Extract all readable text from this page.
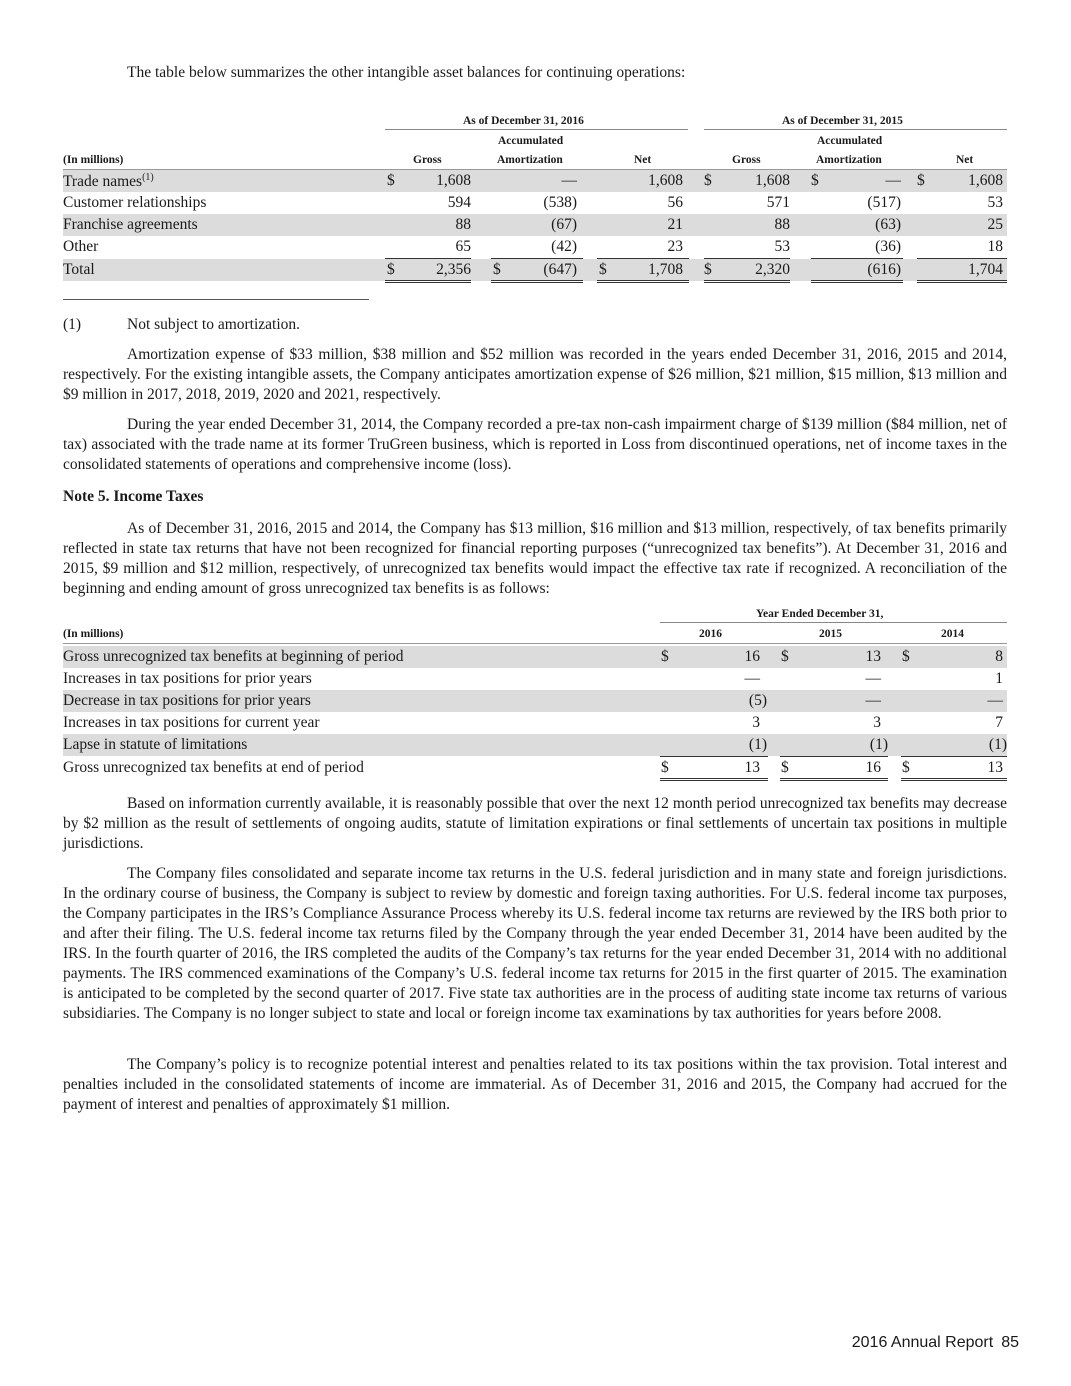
The table below summarizes the other intangible asset balances for continuing operations:
As of December 31, 2016	As of December 31, 2015
Accumulated	Accumulated
(In millions)	Gross	Amortization	Net	Gross	Amortization	Net
Trade names$^{(1)}$	$	1,608	—	1,608 $	1,608 $	— $	1,608
Customer relationships	594	(538)	56	571	(517)	53
Franchise agreements	88	(67)	21	88	(63)	25
Other	65	(42)	23	53	(36)	18
Total	$	2,356 $	(647) $	1,708 $	2,320	(616)	1,704
(1)	Not subject to amortization.
Amortization expense of $33 million, $38 million and $52 million was recorded in the years ended December 31, 2016, 2015 and 2014, respectively. For the existing intangible assets, the Company anticipates amortization expense of $26 million, $21 million, $15 million, $13 million and $9 million in 2017, 2018, 2019, 2020 and 2021, respectively.
During the year ended December 31, 2014, the Company recorded a pre-tax non-cash impairment charge of $139 million ($84 million, net of tax) associated with the trade name at its former TruGreen business, which is reported in Loss from discontinued operations, net of income taxes in the consolidated statements of operations and comprehensive income (loss).
Note 5. Income Taxes
As of December 31, 2016, 2015 and 2014, the Company has $13 million, $16 million and $13 million, respectively, of tax benefits primarily reflected in state tax returns that have not been recognized for financial reporting purposes (“unrecognized tax benefits”). At December 31, 2016 and 2015, $9 million and $12 million, respectively, of unrecognized tax benefits would impact the effective tax rate if recognized. A reconciliation of the beginning and ending amount of gross unrecognized tax benefits is as follows:
Year Ended December 31,
(In millions)	2016	2015	2014
Gross unrecognized tax benefits at beginning of period	$	16 $	13 $	8
Increases in tax positions for prior years	—	—	1
Decrease in tax positions for prior years	(5)	—	—
Increases in tax positions for current year	3	3	7
Lapse in statute of limitations	(1)	(1)	(1)
Gross unrecognized tax benefits at end of period	$	13 $	16 $	13
Based on information currently available, it is reasonably possible that over the next 12 month period unrecognized tax benefits may decrease by $2 million as the result of settlements of ongoing audits, statute of limitation expirations or final settlements of uncertain tax positions in multiple jurisdictions.
The Company files consolidated and separate income tax returns in the U.S. federal jurisdiction and in many state and foreign jurisdictions. In the ordinary course of business, the Company is subject to review by domestic and foreign taxing authorities. For U.S. federal income tax purposes, the Company participates in the IRS’s Compliance Assurance Process whereby its U.S. federal income tax returns are reviewed by the IRS both prior to and after their filing. The U.S. federal income tax returns filed by the Company through the year ended December 31, 2014 have been audited by the IRS. In the fourth quarter of 2016, the IRS completed the audits of the Company’s tax returns for the year ended December 31, 2014 with no additional payments. The IRS commenced examinations of the Company’s U.S. federal income tax returns for 2015 in the first quarter of 2015. The examination is anticipated to be completed by the second quarter of 2017. Five state tax authorities are in the process of auditing state income tax returns of various subsidiaries. The Company is no longer subject to state and local or foreign income tax examinations by tax authorities for years before 2008.
The Company’s policy is to recognize potential interest and penalties related to its tax positions within the tax provision. Total interest and penalties included in the consolidated statements of income are immaterial. As of December 31, 2016 and 2015, the Company had accrued for the payment of interest and penalties of approximately $1 million.
2016 Annual Report 85
